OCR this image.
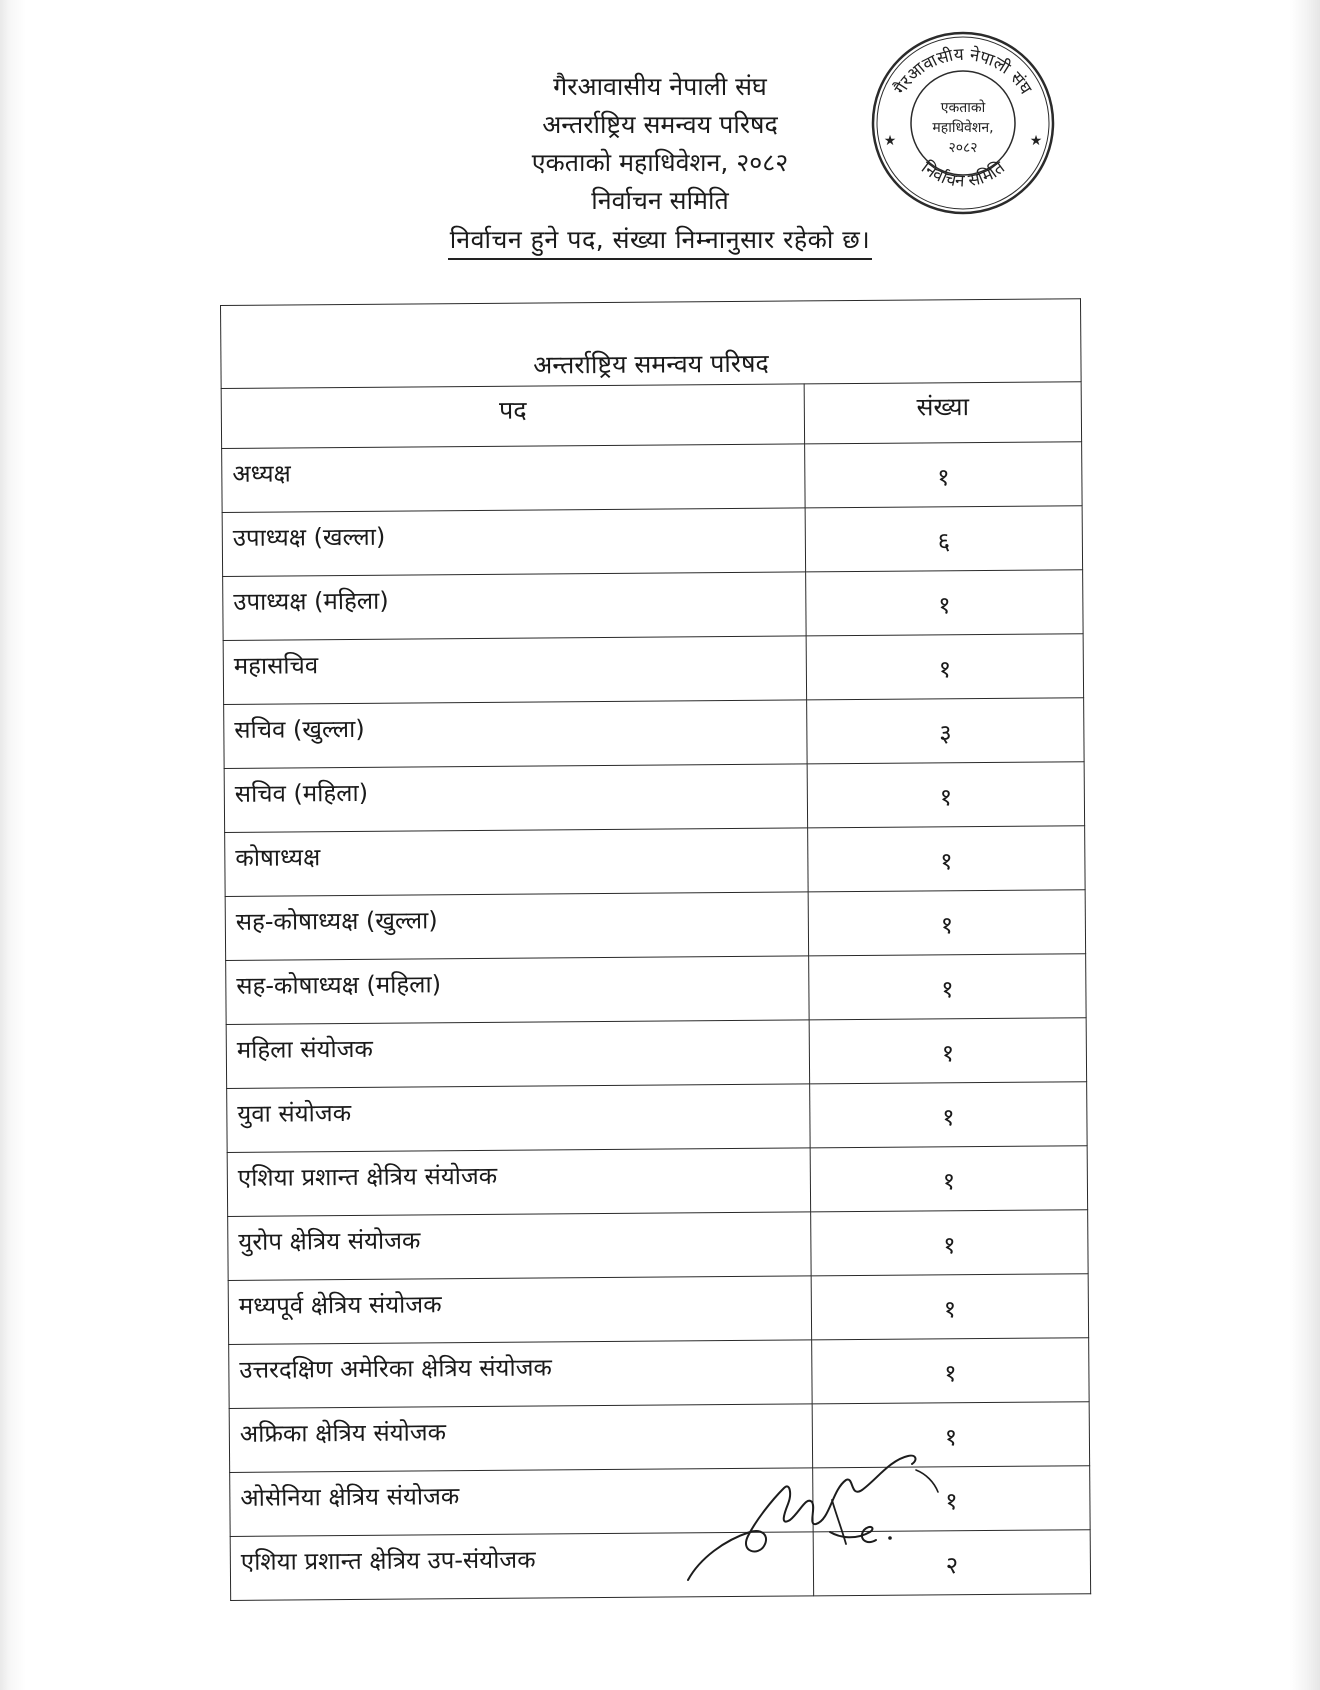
गैरआवासीय नेपाली संघ
अन्तर्राष्ट्रिय समन्वय परिषद
एकताको महाधिवेशन, २०८२
निर्वाचन समिति
निर्वाचन हुने पद, संख्या निम्नानुसार रहेको छ।
गैरआवासीय नेपाली संघ
निर्वाचन समिति
एकताको
महाधिवेशन,
२०८२
★	★
अन्तर्राष्ट्रिय समन्वय परिषद	
पद	संख्या
अध्यक्ष	१
उपाध्यक्ष (खल्ला)	६
उपाध्यक्ष (महिला)	१
महासचिव	१
सचिव (खुल्ला)	३
सचिव (महिला)	१
कोषाध्यक्ष	१
सह-कोषाध्यक्ष (खुल्ला)	१
सह-कोषाध्यक्ष (महिला)	१
महिला संयोजक	१
युवा संयोजक	१
एशिया प्रशान्त क्षेत्रिय संयोजक	१
युरोप क्षेत्रिय संयोजक	१
मध्यपूर्व क्षेत्रिय संयोजक	१
उत्तरदक्षिण अमेरिका क्षेत्रिय संयोजक	१
अफ्रिका क्षेत्रिय संयोजक	१
ओसेनिया क्षेत्रिय संयोजक	१
एशिया प्रशान्त क्षेत्रिय उप-संयोजक	२
